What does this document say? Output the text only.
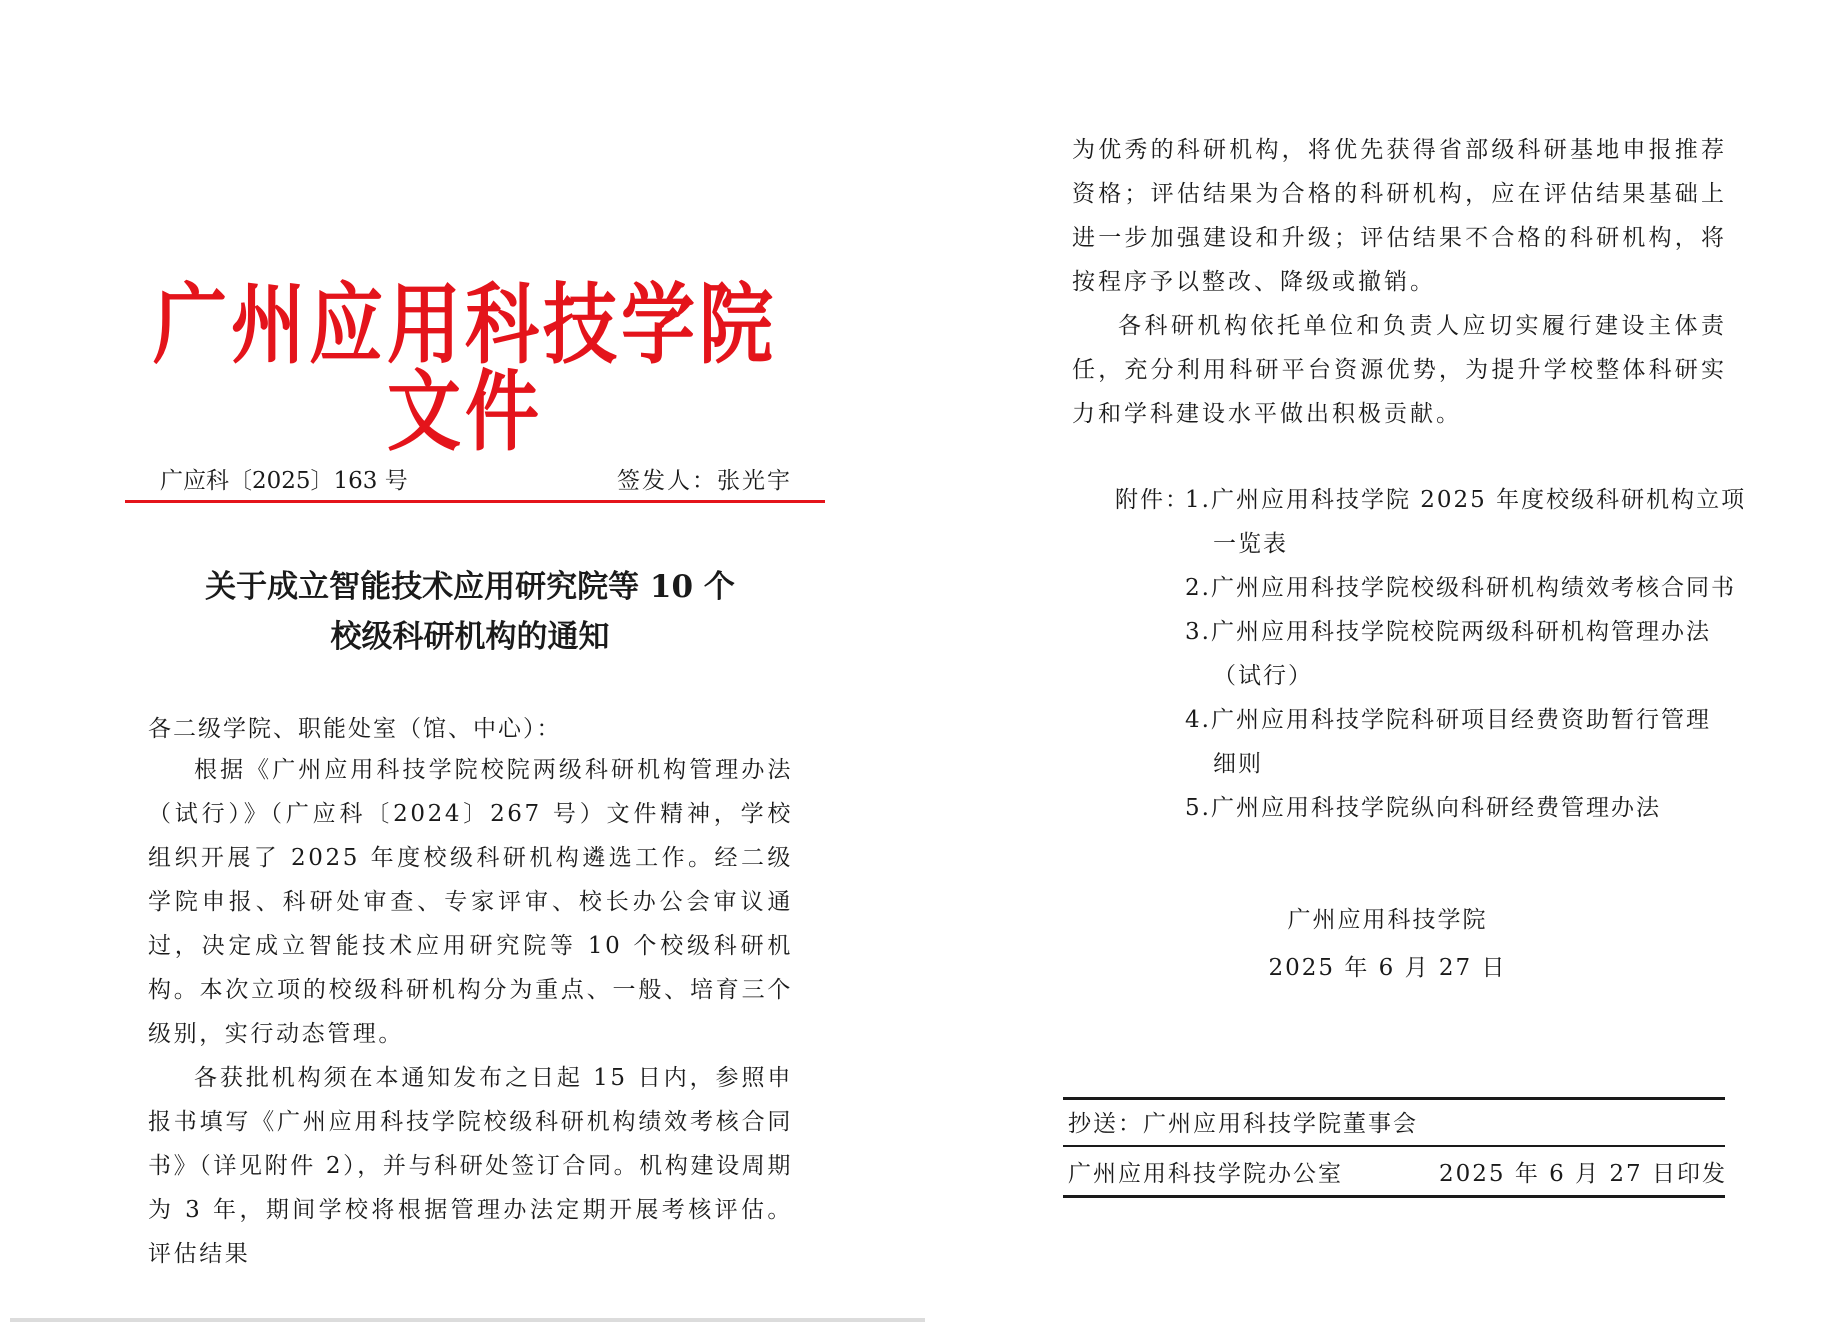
广州应用科技学院文件
广应科〔2025〕163 号	签发人：张光宇
关于成立智能技术应用研究院等 10 个
校级科研机构的通知
各二级学院、职能处室（馆、中心）：

根据《广州应用科技学院校院两级科研机构管理办法（试行）》（广应科〔2024〕267 号）文件精神，学校组织开展了 2025 年度校级科研机构遴选工作。经二级学院申报、科研处审查、专家评审、校长办公会审议通过，决定成立智能技术应用研究院等 10 个校级科研机构。本次立项的校级科研机构分为重点、一般、培育三个级别，实行动态管理。

各获批机构须在本通知发布之日起 15 日内，参照申报书填写《广州应用科技学院校级科研机构绩效考核合同书》（详见附件 2），并与科研处签订合同。机构建设周期为 3 年，期间学校将根据管理办法定期开展考核评估。评估结果

为优秀的科研机构，将优先获得省部级科研基地申报推荐资格；评估结果为合格的科研机构，应在评估结果基础上进一步加强建设和升级；评估结果不合格的科研机构，将按程序予以整改、降级或撤销。

各科研机构依托单位和负责人应切实履行建设主体责任，充分利用科研平台资源优势，为提升学校整体科研实力和学科建设水平做出积极贡献。

附件：
1.广州应用科技学院 2025 年度校级科研机构立项
一览表
2.广州应用科技学院校级科研机构绩效考核合同书
3.广州应用科技学院校院两级科研机构管理办法
（试行）
4.广州应用科技学院科研项目经费资助暂行管理
细则
5.广州应用科技学院纵向科研经费管理办法
广州应用科技学院
2025 年 6 月 27 日
抄送：广州应用科技学院董事会
广州应用科技学院办公室	2025 年 6 月 27 日印发
